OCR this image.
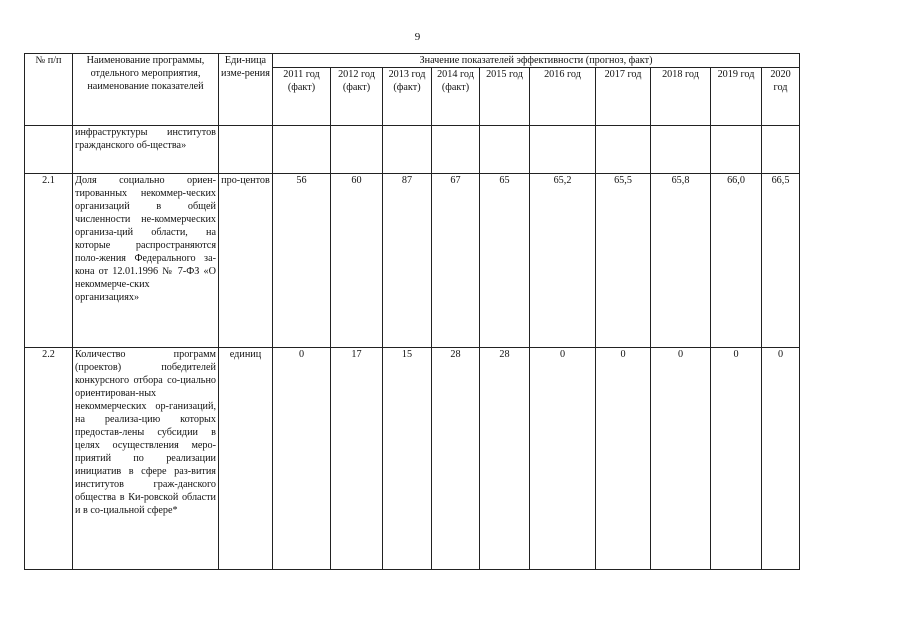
9
№ п/п	Наименование программы, отдельного мероприятия, наименование показателей	Еди-ница изме-рения	Значение показателей эффективности (прогноз, факт)									
			2011 год (факт)	2012 год (факт)	2013 год (факт)	2014 год (факт)	2015 год	2016 год	2017 год	2018 год	2019 год	2020 год
	инфраструктуры институтов гражданского об-щества»											
2.1	Доля социально ориен-тированных некоммер-ческих организаций в общей численности не-коммерческих организа-ций области, на которые распространяются поло-жения Федерального за-кона от 12.01.1996 № 7-ФЗ «О некоммерче-ских организациях»	про-центов	56	60	87	67	65	65,2	65,5	65,8	66,0	66,5
2.2	Количество программ (проектов) победителей конкурсного отбора со-циально ориентирован-ных некоммерческих ор-ганизаций, на реализа-цию которых предостав-лены субсидии в целях осуществления меро-приятий по реализации инициатив в сфере раз-вития институтов граж-данского общества в Ки-ровской области и в со-циальной сфере*	единиц	0	17	15	28	28	0	0	0	0	0
